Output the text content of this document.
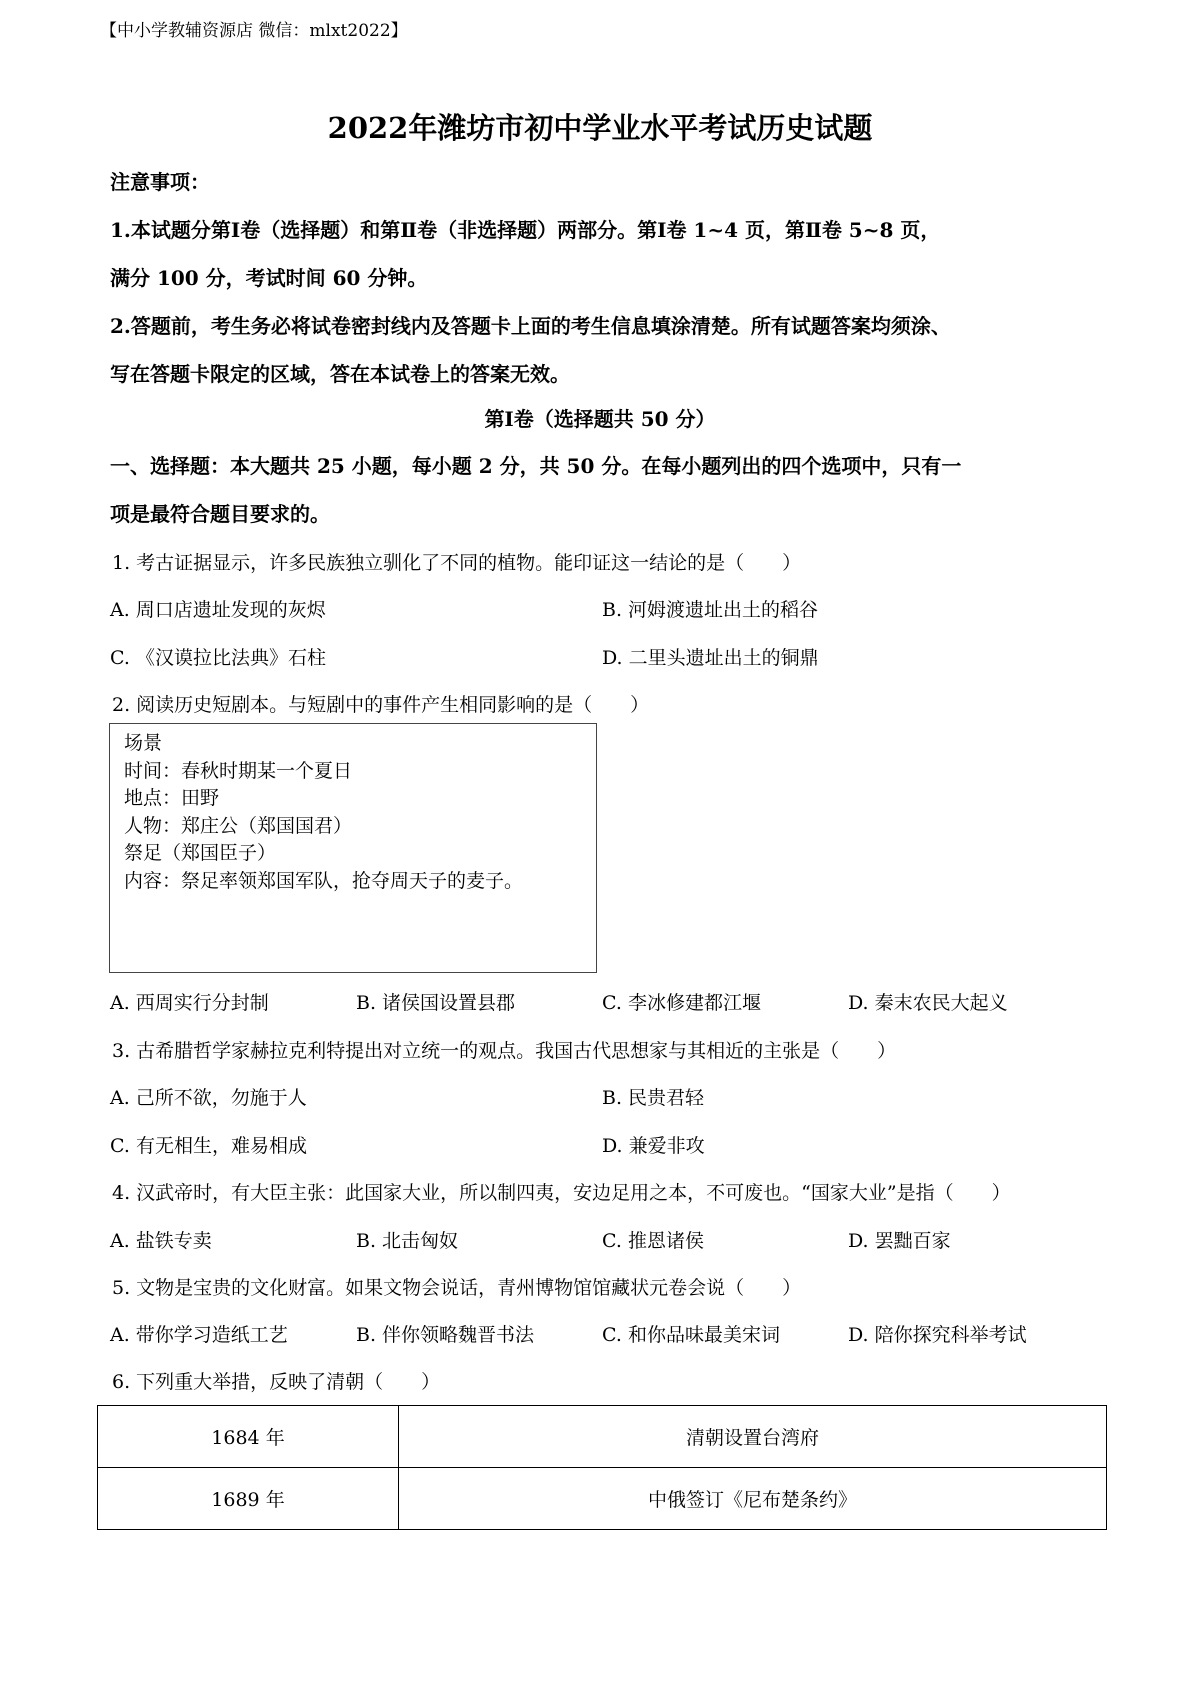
【中小学教辅资源店 微信：mlxt2022】
2022年潍坊市初中学业水平考试历史试题
注意事项：
1.本试题分第Ⅰ卷（选择题）和第Ⅱ卷（非选择题）两部分。第Ⅰ卷 1~4 页，第Ⅱ卷 5~8 页，
满分 100 分，考试时间 60 分钟。
2.答题前，考生务必将试卷密封线内及答题卡上面的考生信息填涂清楚。所有试题答案均须涂、
写在答题卡限定的区域，答在本试卷上的答案无效。
第Ⅰ卷（选择题共 50 分）
一、选择题：本大题共 25 小题，每小题 2 分，共 50 分。在每小题列出的四个选项中，只有一
项是最符合题目要求的。
1. 考古证据显示，许多民族独立驯化了不同的植物。能印证这一结论的是（　　）
A. 周口店遗址发现的灰烬	B. 河姆渡遗址出土的稻谷
C. 《汉谟拉比法典》石柱	D. 二里头遗址出土的铜鼎
2. 阅读历史短剧本。与短剧中的事件产生相同影响的是（　　）
场景
时间：春秋时期某一个夏日
地点：田野
人物：郑庄公（郑国国君）
祭足（郑国臣子）
内容：祭足率领郑国军队，抢夺周天子的麦子。
A. 西周实行分封制	B. 诸侯国设置县郡	C. 李冰修建都江堰	D. 秦末农民大起义
3. 古希腊哲学家赫拉克利特提出对立统一的观点。我国古代思想家与其相近的主张是（　　）
A. 己所不欲，勿施于人	B. 民贵君轻
C. 有无相生，难易相成	D. 兼爱非攻
4. 汉武帝时，有大臣主张：此国家大业，所以制四夷，安边足用之本，不可废也。“国家大业”是指（　　）
A. 盐铁专卖	B. 北击匈奴	C. 推恩诸侯	D. 罢黜百家
5. 文物是宝贵的文化财富。如果文物会说话，青州博物馆馆藏状元卷会说（　　）
A. 带你学习造纸工艺	B. 伴你领略魏晋书法	C. 和你品味最美宋词	D. 陪你探究科举考试
6. 下列重大举措，反映了清朝（　　）
1684 年	清朝设置台湾府
1689 年	中俄签订《尼布楚条约》
